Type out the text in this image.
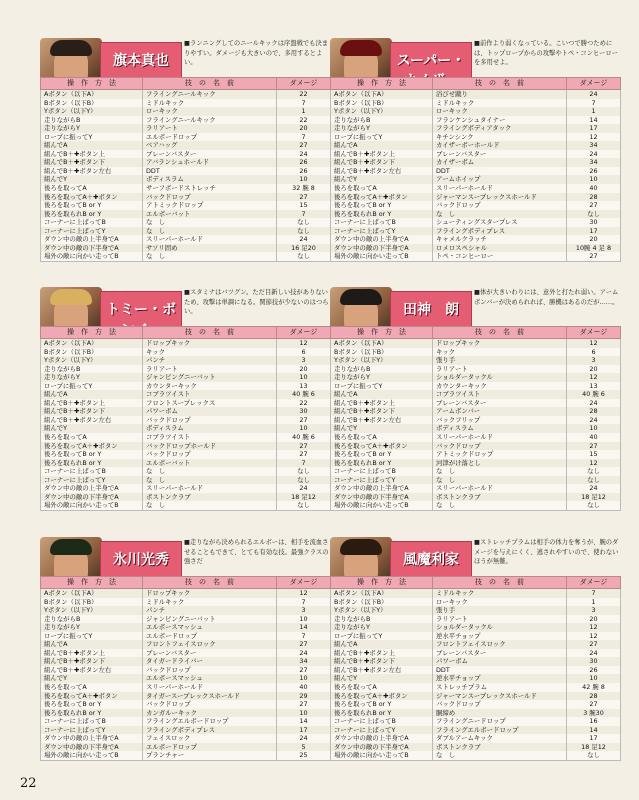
旗本真也
■ランニングしてのニールキックは序盤戦でも決まりやすい。ダメージも大きいので、多用するとよい。
操　作　方　法	技　の　名　前	ダメージ
Aボタン（以下A）	フライングニールキック	22
Bボタン（以下B）	ミドルキック	7
Yボタン（以下Y）	ローキック	1
走りながらB	フライングニールキック	22
走りながらY	ラリアート	20
ロープに振ってY	エルボードロップ	7
組んでA	ベアハッグ	27
組んでB＋✚ボタン上	ブレーンバスター	24
組んでB＋✚ボタン下	アバランシュホールド	26
組んでB＋✚ボタン左右	DDT	26
組んでY	ボディスラム	10
後ろを取ってA	サーフボードストレッチ	32 腕 8
後ろを取ってA＋✚ボタン	バックドロップ	27
後ろを取ってB or Y	アトミックドロップ	15
後ろを取られB or Y	エルボーバット	7
コーナーに上ばってB	な　し	なし
コーナーに上ばってY	な　し	なし
ダウン中の敵の上半身でA	スリーパーホールド	24
ダウン中の敵の下半身でA	サソリ固め	16 足20
場外の敵に向かい走ってB	な　し	なし
スーパー・
■前作より弱くなっている。こいつで勝つためには、トップロープからの攻撃やトペ・コンヒーローを多用せよ。
操　作　方　法	技　の　名　前	ダメージ
Aボタン（以下A）	浴びせ蹴り	24
Bボタン（以下B）	ミドルキック	7
Yボタン（以下Y）	ローキック	1
走りながらB	フランケンシュタイナー	14
走りながらY	フライングボディアタック	17
ロープに振ってY	キチンシンク	12
組んでA	カイザーボーホールド	34
組んでB＋✚ボタン上	ブレーンバスター	24
組んでB＋✚ボタン下	カイザーボム	34
組んでB＋✚ボタン左右	DDT	26
組んでY	アームホイップ	10
後ろを取ってA	スリーパーホールド	40
後ろを取ってA＋✚ボタン	ジャーマンスープレックスホールド	28
後ろを取ってB or Y	バックドロップ	27
後ろを取られB or Y	な　し	なし
コーナーに上ばってB	シューティングスタープレス	30
コーナーに上ばってY	フライングボディプレス	17
ダウン中の敵の上半身でA	キャメルクラッチ	20
ダウン中の敵の下半身でA	ロメロスペシャル	10腕 4 足 8
場外の敵に向かい走ってB	トペ・コンヒーロー	27
トミー・ボ
■スタミナはバツグン。ただ目新しい技がありないため、攻撃は単調になる。関節技が少ないのはつらい。
操　作　方　法	技　の　名　前	ダメージ
Aボタン（以下A）	ドロップキック	12
Bボタン（以下B）	キック	6
Yボタン（以下Y）	パンチ	3
走りながらB	ラリアート	20
走りながらY	ジャンピングニーバット	10
ロープに振ってY	カウンターキック	13
組んでA	コブラツイスト	40 腕 6
組んでB＋✚ボタン上	フロントスープレックス	22
組んでB＋✚ボタン下	パワーボム	30
組んでB＋✚ボタン左右	バックドロップ	27
組んでY	ボディスラム	10
後ろを取ってA	コブラツイスト	40 腕 6
後ろを取ってA＋✚ボタン	バックドロップホールド	27
後ろを取ってB or Y	バックドロップ	27
後ろを取られB or Y	エルボーバット	7
コーナーに上ばってB	な　し	なし
コーナーに上ばってY	な　し	なし
ダウン中の敵の上半身でA	スリーパーホールド	24
ダウン中の敵の下半身でA	ボストンクラブ	18 足12
場外の敵に向かい走ってB	な　し	なし
田神　朗
■体が大きいわりには、意外と打たれ弱い。アームボンバーが決められれば、勝機はあるのだが……。
操　作　方　法	技　の　名　前	ダメージ
Aボタン（以下A）	ドロップキック	12
Bボタン（以下B）	キック	6
Yボタン（以下Y）	張り手	3
走りながらB	ラリアート	20
走りながらY	ショルダータックル	12
ロープに振ってY	カウンターキック	13
組んでA	コブラツイスト	40 腕 6
組んでB＋✚ボタン上	ブレーンバスター	24
組んでB＋✚ボタン下	アームボンバー	28
組んでB＋✚ボタン左右	バックフリップ	24
組んでY	ボディスラム	10
後ろを取ってA	スリーパーホールド	40
後ろを取ってA＋✚ボタン	バックドロップ	27
後ろを取ってB or Y	アトミックドロップ	15
後ろを取られB or Y	河津がけ落とし	12
コーナーに上ばってB	な　し	なし
コーナーに上ばってY	な　し	なし
ダウン中の敵の上半身でA	スリーパーホールド	24
ダウン中の敵の下半身でA	ボストンクラブ	18 足12
場外の敵に向かい走ってB	な　し	なし
氷川光秀
■走りながら決められるエルボーは、相手を流血させることもできて、とても有効な技。最強クラスの強さだ
操　作　方　法	技　の　名　前	ダメージ
Aボタン（以下A）	ドロップキック	12
Bボタン（以下B）	ミドルキック	7
Yボタン（以下Y）	パンチ	3
走りながらB	ジャンピングニーバット	10
走りながらY	エルボースマッシュ	14
ロープに振ってY	エルボードロップ	7
組んでA	フロントフェイスロック	27
組んでB＋✚ボタン上	ブレーンバスター	24
組んでB＋✚ボタン下	タイガードライバー	34
組んでB＋✚ボタン左右	バックドロップ	27
組んでY	エルボースマッシュ	10
後ろを取ってA	スリーパーホールド	40
後ろを取ってA＋✚ボタン	タイガースープレックスホールド	29
後ろを取ってB or Y	バックドロップ	27
後ろを取られB or Y	カンガルーキック	10
コーナーに上ばってB	フライングエルボードロップ	14
コーナーに上ばってY	フライングボディプレス	17
ダウン中の敵の上半身でA	フェイスロック	24
ダウン中の敵の下半身でA	エルボードロップ	5
場外の敵に向かい走ってB	プランチャー	25
風魔利家
■ストレッチプラムは相手の体力を奪うが、腕のダメージを与えにくく、逃されやすいので、使わないほうが無難。
操　作　方　法	技　の　名　前	ダメージ
Aボタン（以下A）	ミドルキック	7
Bボタン（以下B）	ローキック	1
Yボタン（以下Y）	張り手	3
走りながらB	ラリアート	20
走りながらY	ショルダータックル	12
ロープに振ってY	逆水平チョップ	12
組んでA	フロントフェイスロック	27
組んでB＋✚ボタン上	ブレーンバスター	24
組んでB＋✚ボタン下	パワーボム	30
組んでB＋✚ボタン左右	DDT	26
組んでY	逆水平チョップ	10
後ろを取ってA	ストレッチプラム	42 腕 8
後ろを取ってA＋✚ボタン	ジャーマンスープレックスホールド	28
後ろを取ってB or Y	バックドロップ	27
後ろを取られB or Y	胴締め	3 腕30
コーナーに上ばってB	フライングニードロップ	16
コーナーに上ばってY	フライングエルボードロップ	14
ダウン中の敵の上半身でA	ダブルアームキック	17
ダウン中の敵の下半身でA	ボストンクラブ	18 足12
場外の敵に向かい走ってB	な　し	なし
22
